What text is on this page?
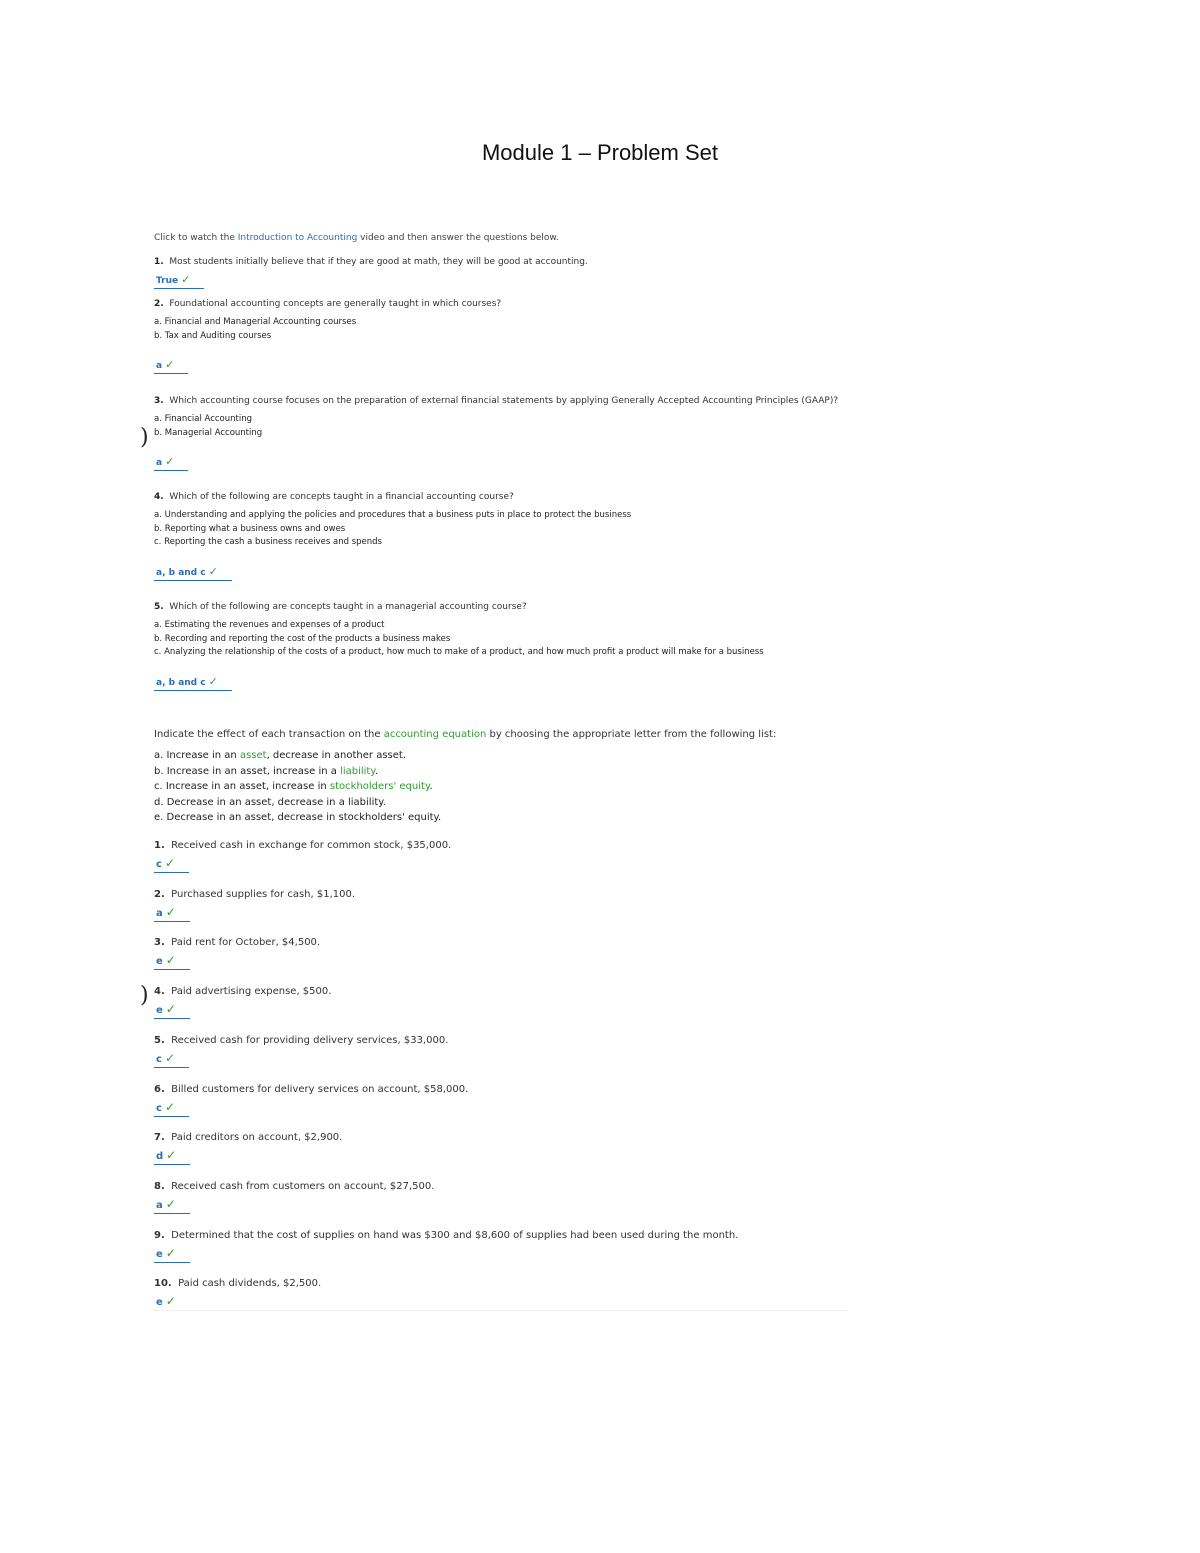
Module 1 – Problem Set
)
)

Click to watch the Introduction to Accounting video and then answer the questions below.

1. Most students initially believe that if they are good at math, they will be good at accounting.

True ✓

2. Foundational accounting concepts are generally taught in which courses?

a. Financial and Managerial Accounting courses
b. Tax and Auditing courses
a ✓

3. Which accounting course focuses on the preparation of external financial statements by applying Generally Accepted Accounting Principles (GAAP)?

a. Financial Accounting
b. Managerial Accounting
a ✓

4. Which of the following are concepts taught in a financial accounting course?

a. Understanding and applying the policies and procedures that a business puts in place to protect the business
b. Reporting what a business owns and owes
c. Reporting the cash a business receives and spends
a, b and c ✓

5. Which of the following are concepts taught in a managerial accounting course?

a. Estimating the revenues and expenses of a product
b. Recording and reporting the cost of the products a business makes
c. Analyzing the relationship of the costs of a product, how much to make of a product, and how much profit a product will make for a business
a, b and c ✓

Indicate the effect of each transaction on the accounting equation by choosing the appropriate letter from the following list:

a. Increase in an asset, decrease in another asset.
b. Increase in an asset, increase in a liability.
c. Increase in an asset, increase in stockholders' equity.
d. Decrease in an asset, decrease in a liability.
e. Decrease in an asset, decrease in stockholders' equity.

1. Received cash in exchange for common stock, $35,000.

c ✓

2. Purchased supplies for cash, $1,100.

a ✓

3. Paid rent for October, $4,500.

e ✓

4. Paid advertising expense, $500.

e ✓

5. Received cash for providing delivery services, $33,000.

c ✓

6. Billed customers for delivery services on account, $58,000.

c ✓

7. Paid creditors on account, $2,900.

d ✓

8. Received cash from customers on account, $27,500.

a ✓

9. Determined that the cost of supplies on hand was $300 and $8,600 of supplies had been used during the month.

e ✓

10. Paid cash dividends, $2,500.

e ✓
